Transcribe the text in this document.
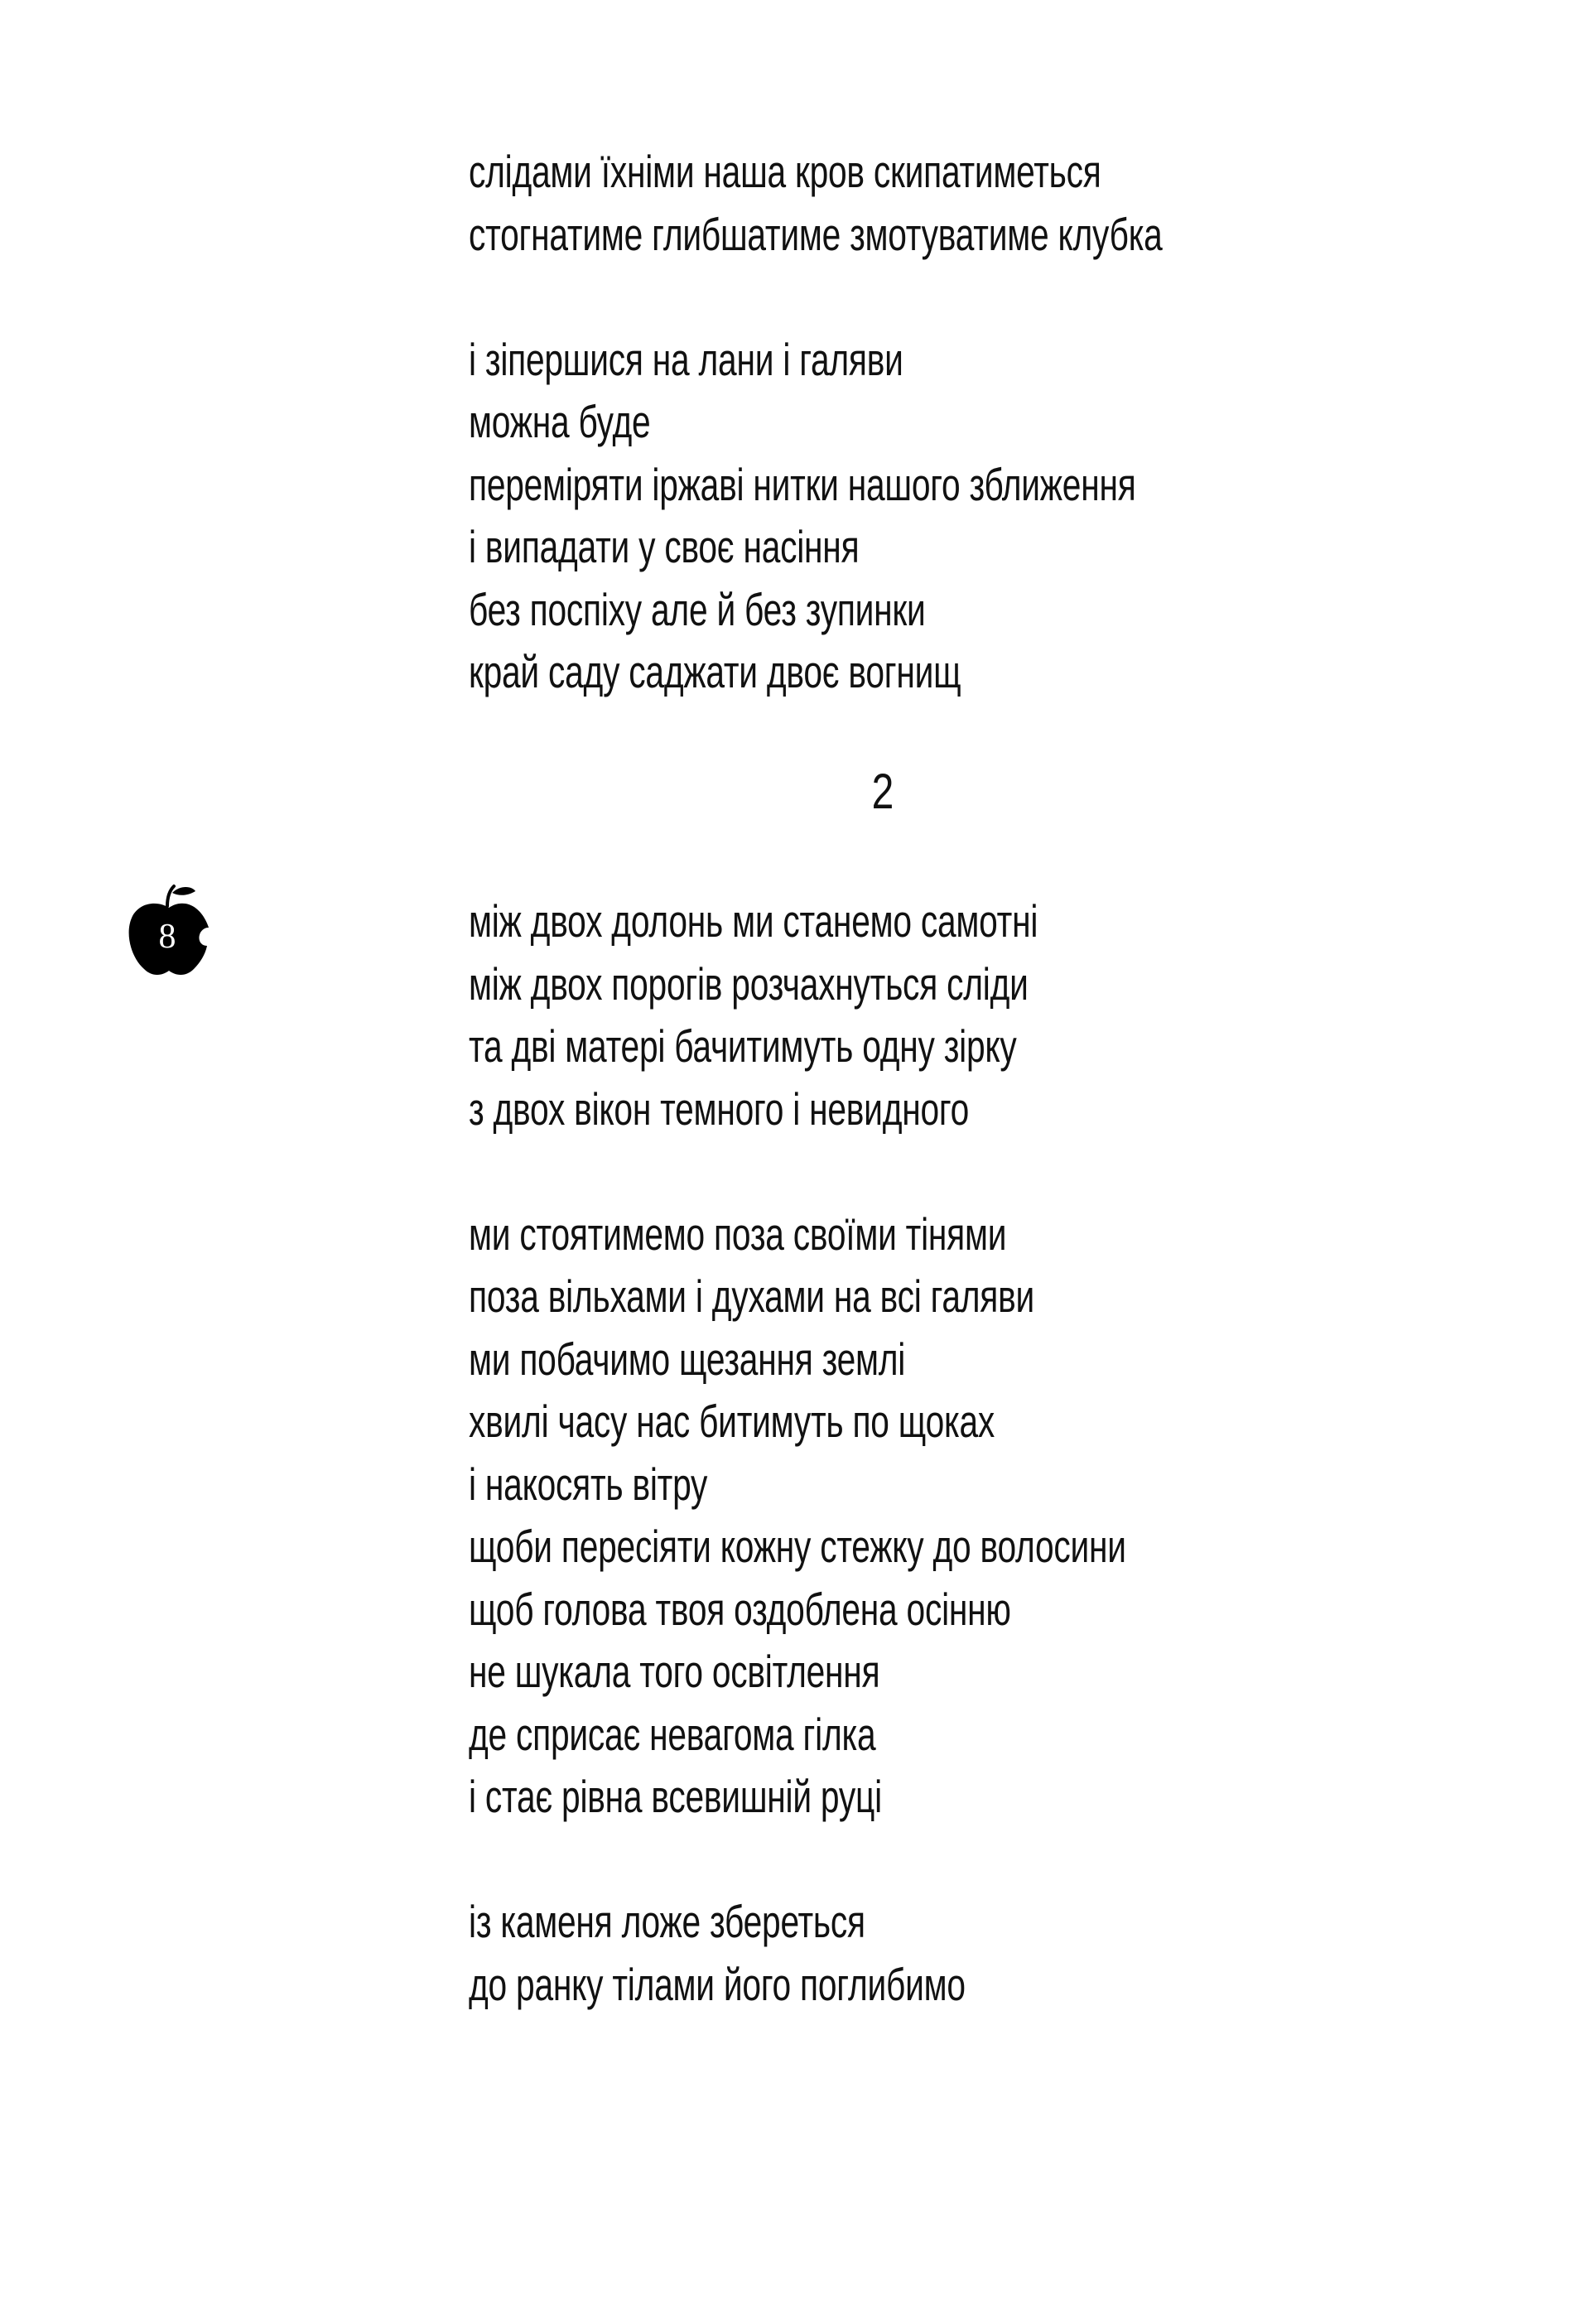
слідами їхніми наша кров скипатиметься
стогнатиме глибшатиме змотуватиме клубка
і зіпершися на лани і галяви
можна буде
переміряти іржаві нитки нашого зближення
і випадати у своє насіння
без поспіху але й без зупинки
край саду саджати двоє вогнищ
2
8	між двох долонь ми станемо самотні
між двох порогів розчахнуться сліди
та дві матері бачитимуть одну зірку
з двох вікон темного і невидного
ми стоятимемо поза своїми тінями
поза вільхами і духами на всі галяви
ми побачимо щезання землі
хвилі часу нас битимуть по щоках
і накосять вітру
щоби пересіяти кожну стежку до волосини
щоб голова твоя оздоблена осінню
не шукала того освітлення
де сприсає невагома гілка
і стає рівна всевишній руці
із каменя ложе збереться
до ранку тілами його поглибимо
